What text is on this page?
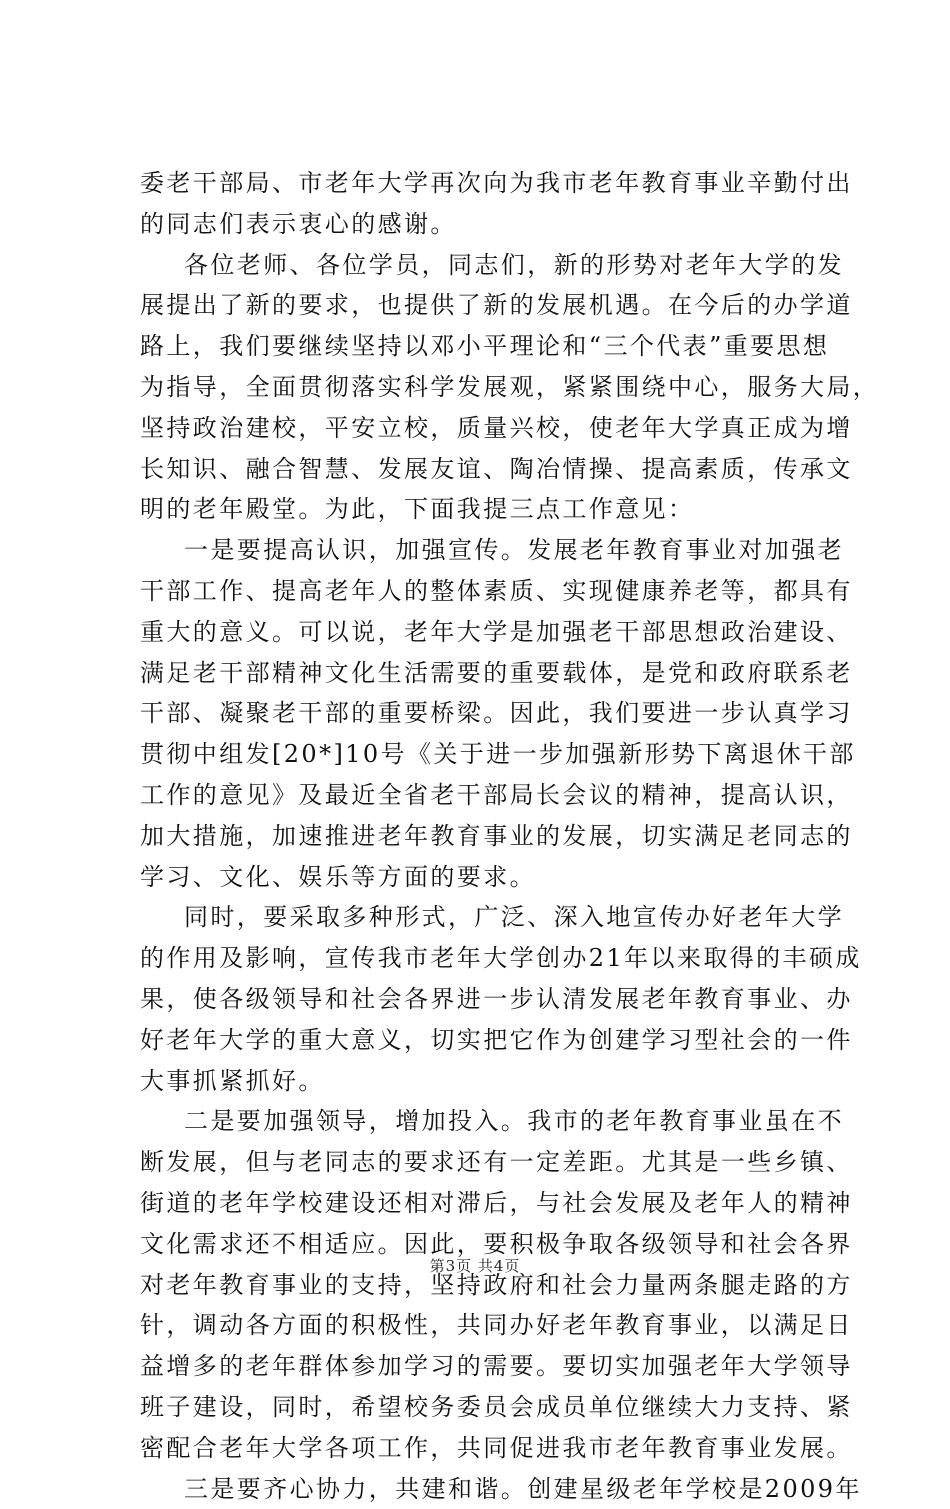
委老干部局、市老年大学再次向为我市老年教育事业辛勤付出
的同志们表示衷心的感谢。
各位老师、各位学员，同志们，新的形势对老年大学的发
展提出了新的要求，也提供了新的发展机遇。在今后的办学道
路上，我们要继续坚持以邓小平理论和“三个代表”重要思想
为指导，全面贯彻落实科学发展观，紧紧围绕中心，服务大局，
坚持政治建校，平安立校，质量兴校，使老年大学真正成为增
长知识、融合智慧、发展友谊、陶冶情操、提高素质，传承文
明的老年殿堂。为此，下面我提三点工作意见：
一是要提高认识，加强宣传。发展老年教育事业对加强老
干部工作、提高老年人的整体素质、实现健康养老等，都具有
重大的意义。可以说，老年大学是加强老干部思想政治建设、
满足老干部精神文化生活需要的重要载体，是党和政府联系老
干部、凝聚老干部的重要桥梁。因此，我们要进一步认真学习
贯彻中组发[20*]10号《关于进一步加强新形势下离退休干部
工作的意见》及最近全省老干部局长会议的精神，提高认识，
加大措施，加速推进老年教育事业的发展，切实满足老同志的
学习、文化、娱乐等方面的要求。
同时，要采取多种形式，广泛、深入地宣传办好老年大学
的作用及影响，宣传我市老年大学创办21年以来取得的丰硕成
果，使各级领导和社会各界进一步认清发展老年教育事业、办
好老年大学的重大意义，切实把它作为创建学习型社会的一件
大事抓紧抓好。
二是要加强领导，增加投入。我市的老年教育事业虽在不
断发展，但与老同志的要求还有一定差距。尤其是一些乡镇、
街道的老年学校建设还相对滞后，与社会发展及老年人的精神
文化需求还不相适应。因此，要积极争取各级领导和社会各界
对老年教育事业的支持，坚持政府和社会力量两条腿走路的方
针，调动各方面的积极性，共同办好老年教育事业，以满足日
益增多的老年群体参加学习的需要。要切实加强老年大学领导
班子建设，同时，希望校务委员会成员单位继续大力支持、紧
密配合老年大学各项工作，共同促进我市老年教育事业发展。
三是要齐心协力，共建和谐。创建星级老年学校是2009年
第3页 共4页
